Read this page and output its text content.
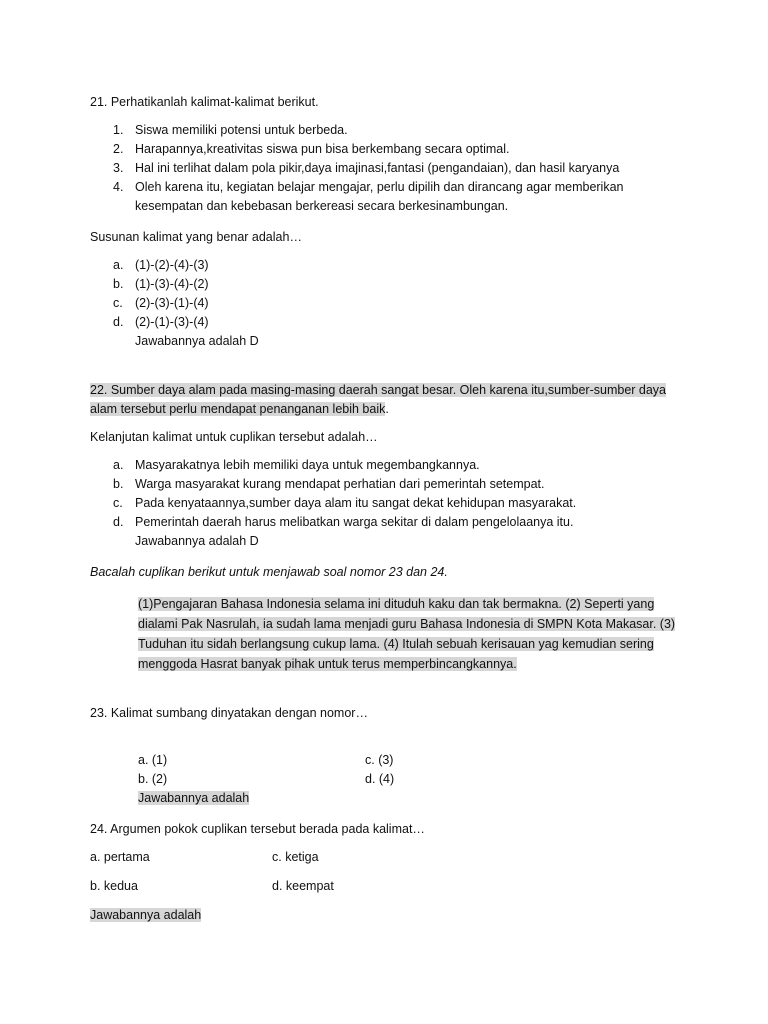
21. Perhatikanlah kalimat-kalimat berikut.

1. Siswa memiliki potensi untuk berbeda.
2. Harapannya,kreativitas siswa pun bisa berkembang secara optimal.
3. Hal ini terlihat dalam pola pikir,daya imajinasi,fantasi (pengandaian), dan hasil karyanya
4. Oleh karena itu, kegiatan belajar mengajar, perlu dipilih dan dirancang agar memberikan kesempatan dan kebebasan berkereasi secara berkesinambungan.

Susunan kalimat yang benar adalah…

a. (1)-(2)-(4)-(3)
b. (1)-(3)-(4)-(2)
c. (2)-(3)-(1)-(4)
d. (2)-(1)-(3)-(4)
Jawabannya adalah D

22. Sumber daya alam pada masing-masing daerah sangat besar. Oleh karena itu,sumber-sumber daya alam tersebut perlu mendapat penanganan lebih baik.

Kelanjutan kalimat untuk cuplikan tersebut adalah…

a. Masyarakatnya lebih memiliki daya untuk megembangkannya.
b. Warga masyarakat kurang mendapat perhatian dari pemerintah setempat.
c. Pada kenyataannya,sumber daya alam itu sangat dekat kehidupan masyarakat.
d. Pemerintah daerah harus melibatkan warga sekitar di dalam pengelolaanya itu.
Jawabannya adalah D

Bacalah cuplikan berikut untuk menjawab soal nomor 23 dan 24.

(1)Pengajaran Bahasa Indonesia selama ini dituduh kaku dan tak bermakna. (2) Seperti yang dialami Pak Nasrulah, ia sudah lama menjadi guru Bahasa Indonesia di SMPN Kota Makasar. (3) Tuduhan itu sidah berlangsung cukup lama. (4) Itulah sebuah kerisauan yag kemudian sering menggoda Hasrat banyak pihak untuk terus memperbincangkannya.

23. Kalimat sumbang dinyatakan dengan nomor…

a. (1)	c. (3)
b. (2)	d. (4)
Jawabannya adalah

24. Argumen pokok cuplikan tersebut berada pada kalimat…

a. pertama	c. ketiga
b. kedua	d. keempat

Jawabannya adalah
